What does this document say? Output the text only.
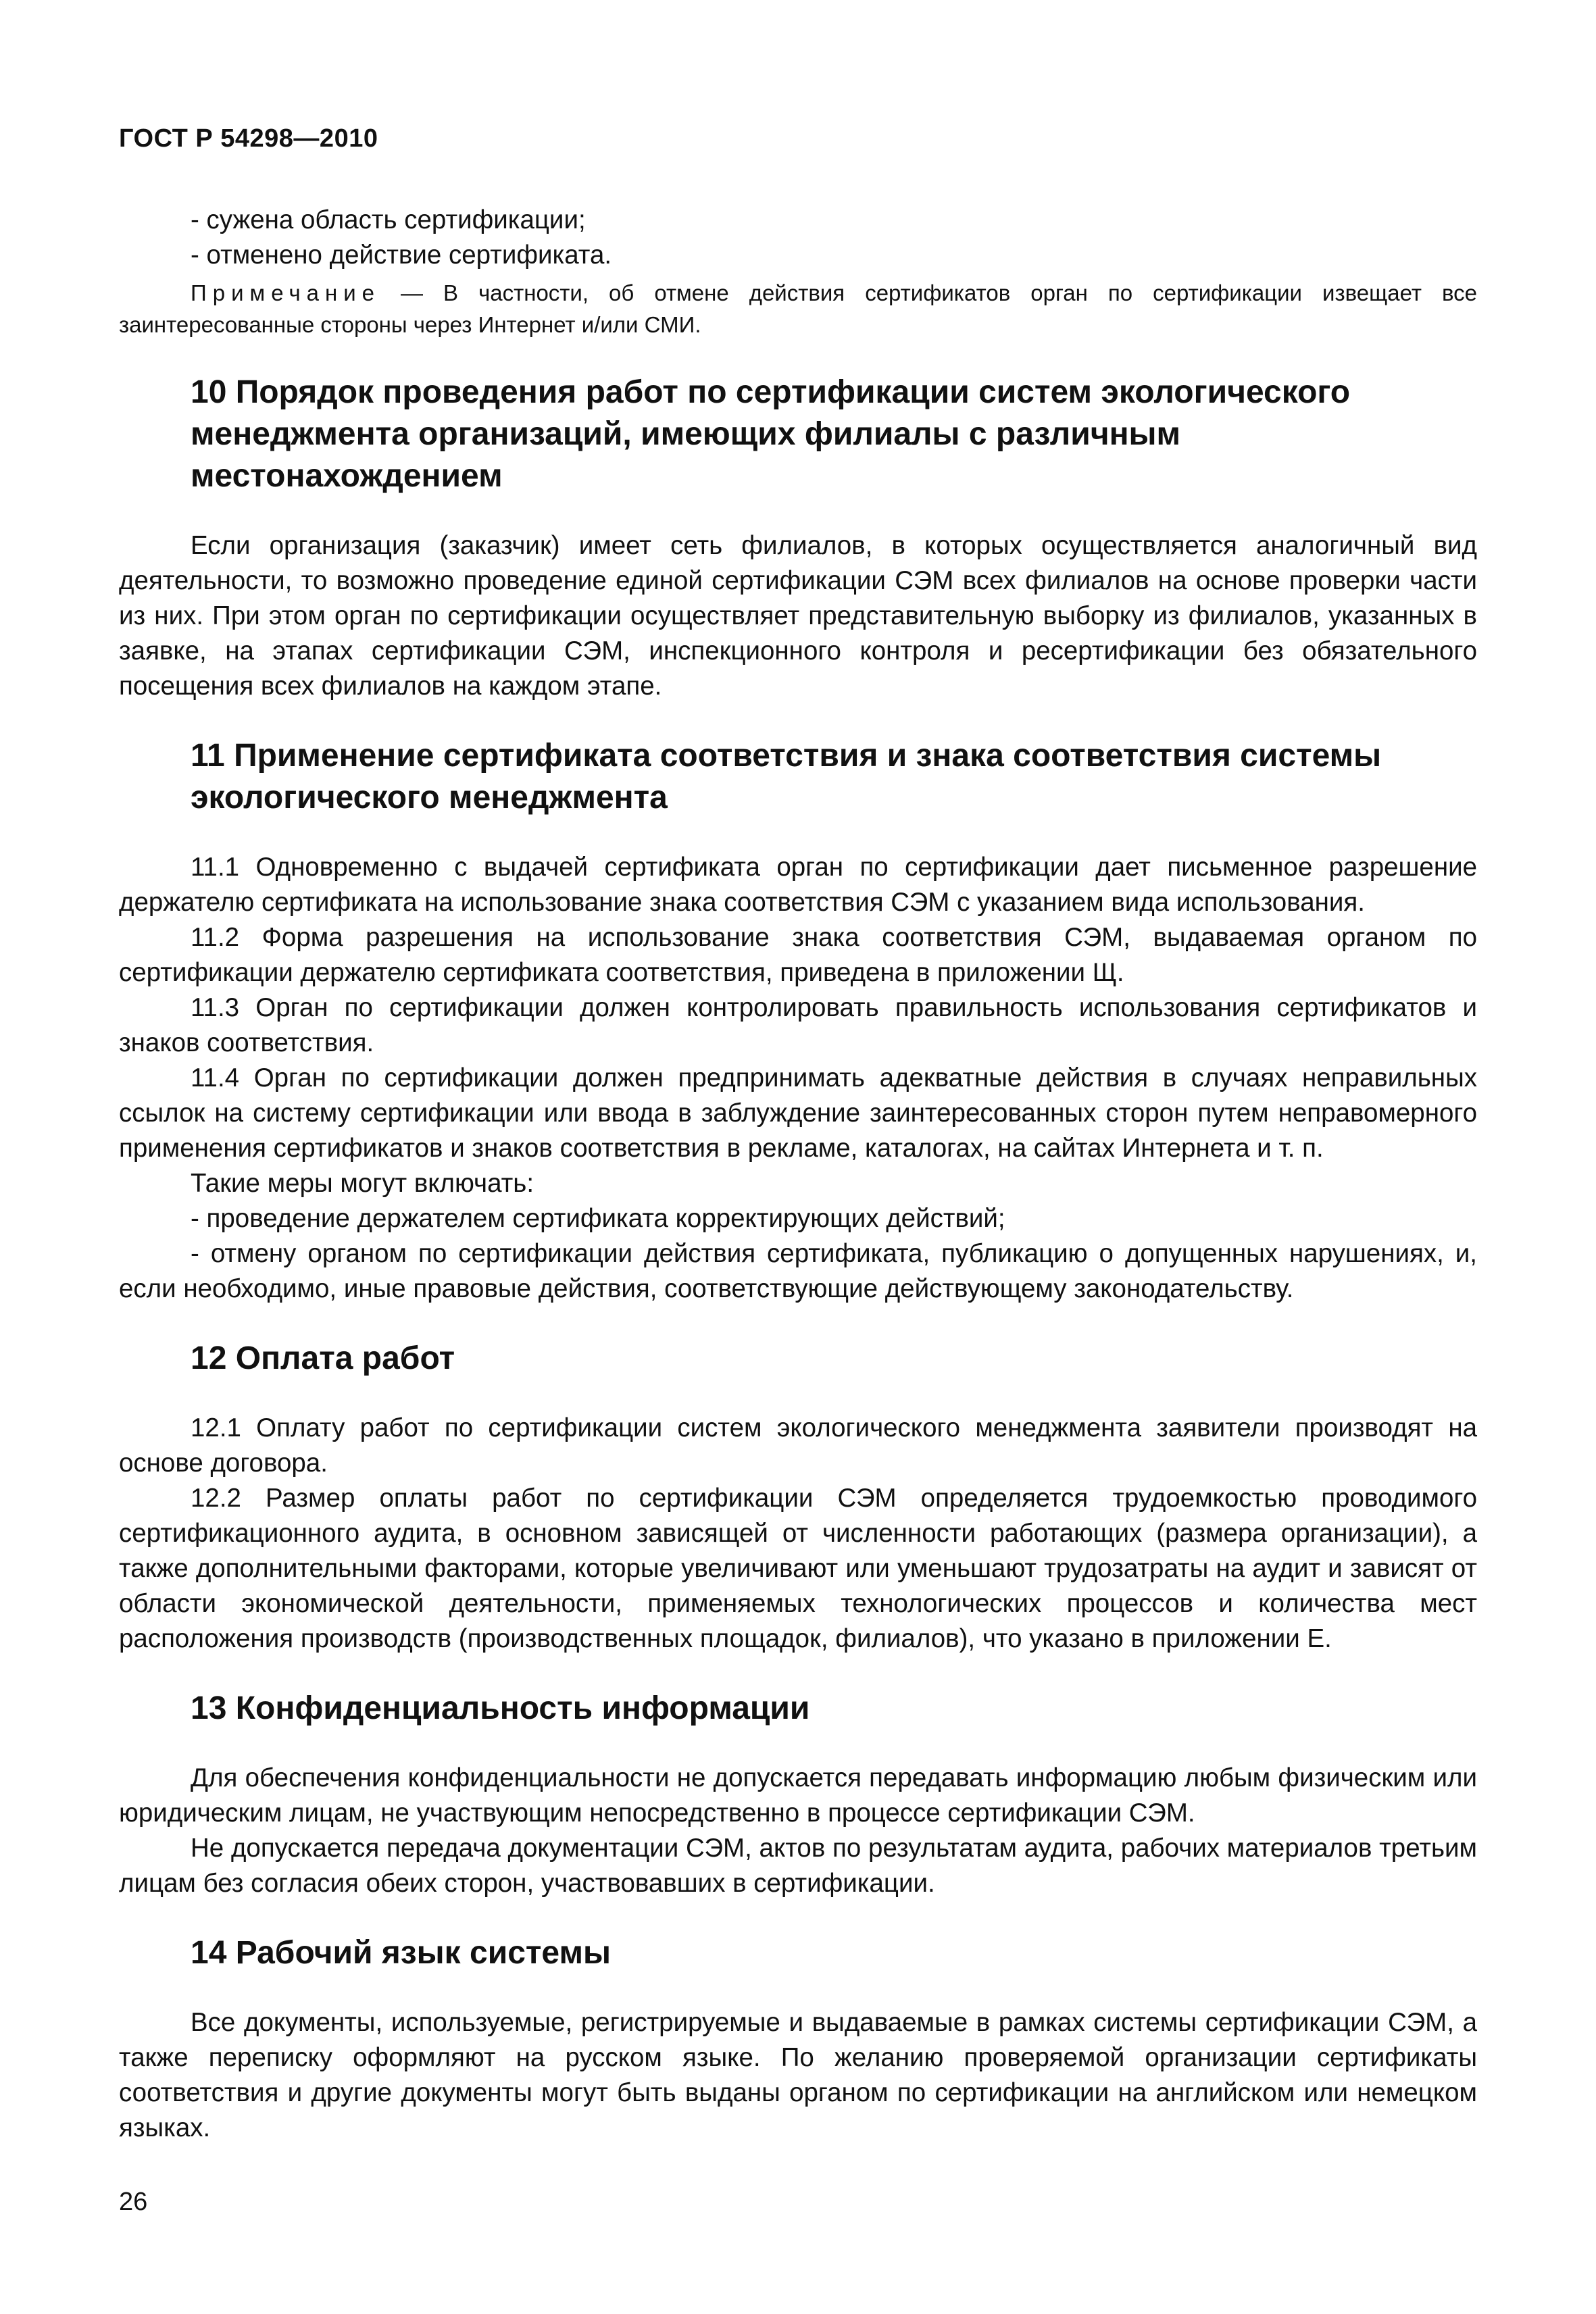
ГОСТ Р 54298—2010

- сужена область сертификации;

- отменено действие сертификата.

Примечание — В частности, об отмене действия сертификатов орган по сертификации извещает все заинтересованные стороны через Интернет и/или СМИ.

10 Порядок проведения работ по сертификации систем экологического менеджмента организаций, имеющих филиалы с различным местонахождением

Если организация (заказчик) имеет сеть филиалов, в которых осуществляется аналогичный вид деятельности, то возможно проведение единой сертификации СЭМ всех филиалов на основе проверки части из них. При этом орган по сертификации осуществляет представительную выборку из филиалов, указанных в заявке, на этапах сертификации СЭМ, инспекционного контроля и ресертификации без обязательного посещения всех филиалов на каждом этапе.

11 Применение сертификата соответствия и знака соответствия системы экологического менеджмента

11.1 Одновременно с выдачей сертификата орган по сертификации дает письменное разрешение держателю сертификата на использование знака соответствия СЭМ с указанием вида использования.

11.2 Форма разрешения на использование знака соответствия СЭМ, выдаваемая органом по сертификации держателю сертификата соответствия, приведена в приложении Щ.

11.3 Орган по сертификации должен контролировать правильность использования сертификатов и знаков соответствия.

11.4 Орган по сертификации должен предпринимать адекватные действия в случаях неправильных ссылок на систему сертификации или ввода в заблуждение заинтересованных сторон путем неправомерного применения сертификатов и знаков соответствия в рекламе, каталогах, на сайтах Интернета и т. п.

Такие меры могут включать:

- проведение держателем сертификата корректирующих действий;

- отмену органом по сертификации действия сертификата, публикацию о допущенных нарушениях, и, если необходимо, иные правовые действия, соответствующие действующему законодательству.

12 Оплата работ

12.1 Оплату работ по сертификации систем экологического менеджмента заявители производят на основе договора.

12.2 Размер оплаты работ по сертификации СЭМ определяется трудоемкостью проводимого сертификационного аудита, в основном зависящей от численности работающих (размера организации), а также дополнительными факторами, которые увеличивают или уменьшают трудозатраты на аудит и зависят от области экономической деятельности, применяемых технологических процессов и количества мест расположения производств (производственных площадок, филиалов), что указано в приложении Е.

13 Конфиденциальность информации

Для обеспечения конфиденциальности не допускается передавать информацию любым физическим или юридическим лицам, не участвующим непосредственно в процессе сертификации СЭМ.

Не допускается передача документации СЭМ, актов по результатам аудита, рабочих материалов третьим лицам без согласия обеих сторон, участвовавших в сертификации.

14 Рабочий язык системы

Все документы, используемые, регистрируемые и выдаваемые в рамках системы сертификации СЭМ, а также переписку оформляют на русском языке. По желанию проверяемой организации сертификаты соответствия и другие документы могут быть выданы органом по сертификации на английском или немецком языках.

26
